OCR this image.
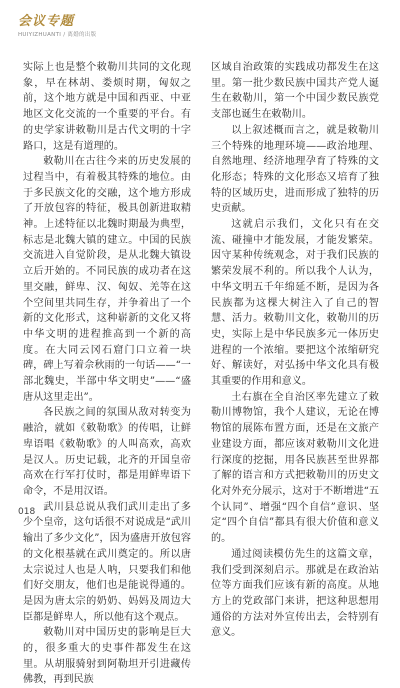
会议专题
HUIYIZHUANTI / 离婚的出版

实际上也是整个敕勒川共同的文化现象，早在林胡、娄烦时期，匈奴之前，这个地方就是中国和西亚、中亚地区文化交流的一个重要的平台。有的史学家讲敕勒川是古代文明的十字路口，这是有道理的。

敕勒川在古往今来的历史发展的过程当中，有着极其特殊的地位。由于多民族文化的交融，这个地方形成了开放包容的特征，极具创新进取精神。上述特征以北魏时期最为典型，标志是北魏大镇的建立。中国的民族交流进入自觉阶段，是从北魏大镇设立后开始的。不同民族的成功者在这里交融，鲜卑、汉、匈奴、羌等在这个空间里共同生存，并争着出了一个新的文化形式，这种崭新的文化又将中华文明的进程推高到一个新的高度。在大同云冈石窟门口立着一块碑，碑上写着佘秋雨的一句话——“一部北魏史，半部中华文明史”——“盛唐从这里走出”。

各民族之间的氛围从敌对转变为融洽，就如《敕勒歌》的传唱，让鲜卑语唱《敕勒歌》的人叫高欢，高欢是汉人。历史记载，北齐的开国皇帝高欢在行军打仗时，都是用鲜卑语下命令，不是用汉语。

武川县总说从我们武川走出了多少个皇帝，这句话很不对说成是“武川输出了多少文化”，因为盛唐开放包容的文化根基就在武川奠定的。所以唐太宗说过人也是人呐，只要我们和他们好交朋友，他们也是能说得通的。是因为唐太宗的奶奶、妈妈及周边大臣都是鲜卑人，所以他有这个观点。

敕勒川对中国历史的影响是巨大的，很多重大的史事件都发生在这里。从胡服骑射到阿勒坦开引进藏传佛教，再到民族

区域自治政策的实践成功都发生在这里。第一批少数民族中国共产党人诞生在敕勒川，第一个中国少数民族党支部也诞生在敕勒川。

以上叙述概而言之，就是敕勒川三个特殊的地理环境——政治地理、自然地理、经济地理孕育了特殊的文化形态；特殊的文化形态又培育了独特的区域历史，进而形成了独特的历史贡献。

这就启示我们，文化只有在交流、碰撞中才能发展，才能发繁荣。因守某种传统观念，对于我们民族的繁荣发展不利的。所以我个人认为，中华文明五千年绵延不断，是因为各民族都为这棵大树注入了自己的智慧、活力。敕勒川文化，敕勒川的历史，实际上是中华民族多元一体历史进程的一个浓缩。要把这个浓缩研究好、解读好，对弘扬中华文化具有极其重要的作用和意义。

土右旗在全自治区率先建立了敕勒川博物馆，我个人建议，无论在博物馆的展陈布置方面，还是在文旅产业建设方面，都应该对敕勒川文化进行深度的挖掘，用各民族甚至世界都了解的语言和方式把敕勒川的历史文化对外充分展示，这对于不断增进“五个认同”、增强“四个自信”意识、坚定“四个自信”都具有很大价值和意义的。

通过阅读模仿先生的这篇文章，我们受到深刻启示。那就是在政治站位等方面我们应该有新的高度。从地方上的党政部门来讲，把这种思想用通俗的方法对外宣传出去，会特别有意义。

018
